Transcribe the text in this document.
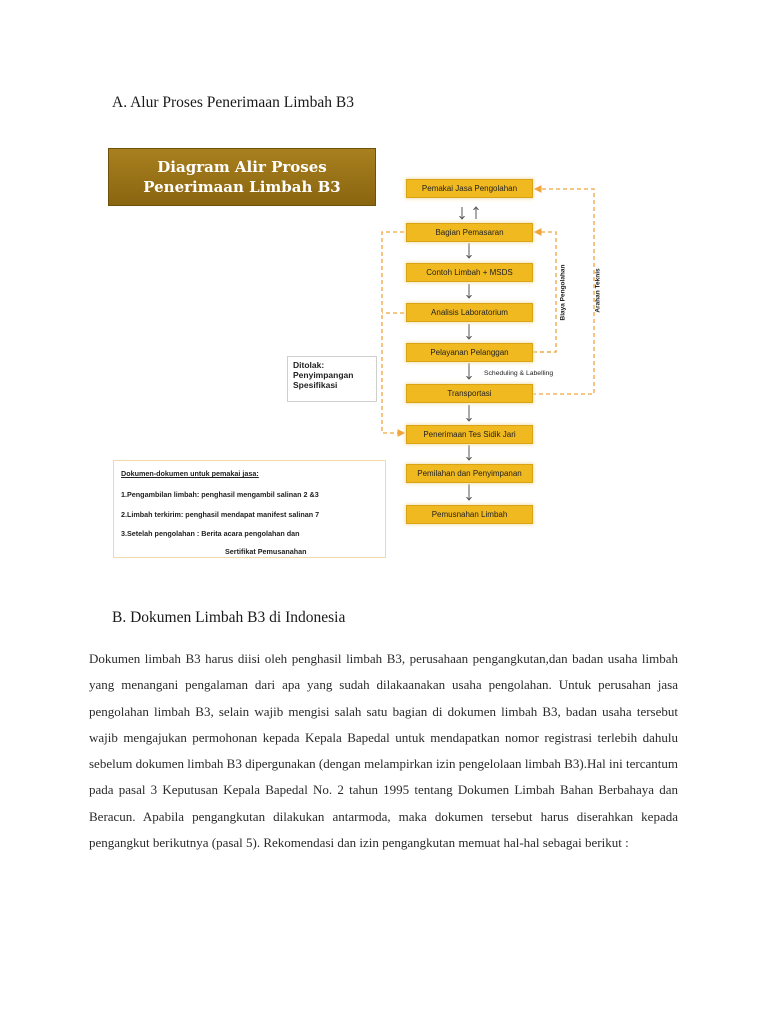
A. Alur Proses Penerimaan Limbah B3
Diagram Alir Proses
Penerimaan Limbah B3	Pemakai Jasa Pengolahan
Bagian Pemasaran
Contoh Limbah + MSDS
Analisis Laboratorium
Pelayanan Pelanggan
Transportasi
Penerimaan Tes Sidik Jari
Pemilahan dan Penyimpanan
Pemusnahan Limbah
Biaya Pengolahan	Arahan Teknis
Scheduling & Labelling
Ditolak:
Penyimpangan
Spesifikasi
Dokumen-dokumen untuk pemakai jasa:
1.Pengambilan limbah: penghasil mengambil salinan 2 &3
2.Limbah terkirim: penghasil mendapat manifest salinan 7
3.Setelah pengolahan : Berita acara pengolahan dan
Sertifikat Pemusanahan
B. Dokumen Limbah B3 di Indonesia

Dokumen limbah B3 harus diisi oleh penghasil limbah B3, perusahaan pengangkutan,dan badan usaha limbah yang menangani pengalaman dari apa yang sudah dilakaanakan usaha pengolahan. Untuk perusahan jasa pengolahan limbah B3, selain wajib mengisi salah satu bagian di dokumen limbah B3, badan usaha tersebut wajib mengajukan permohonan kepada Kepala Bapedal untuk mendapatkan nomor registrasi terlebih dahulu sebelum dokumen limbah B3 dipergunakan (dengan melampirkan izin pengelolaan limbah B3).Hal ini tercantum pada pasal 3 Keputusan Kepala Bapedal No. 2 tahun 1995 tentang Dokumen Limbah Bahan Berbahaya dan Beracun. Apabila pengangkutan dilakukan antarmoda, maka dokumen tersebut harus diserahkan kepada pengangkut berikutnya (pasal 5). Rekomendasi dan izin pengangkutan memuat hal-hal sebagai berikut :
